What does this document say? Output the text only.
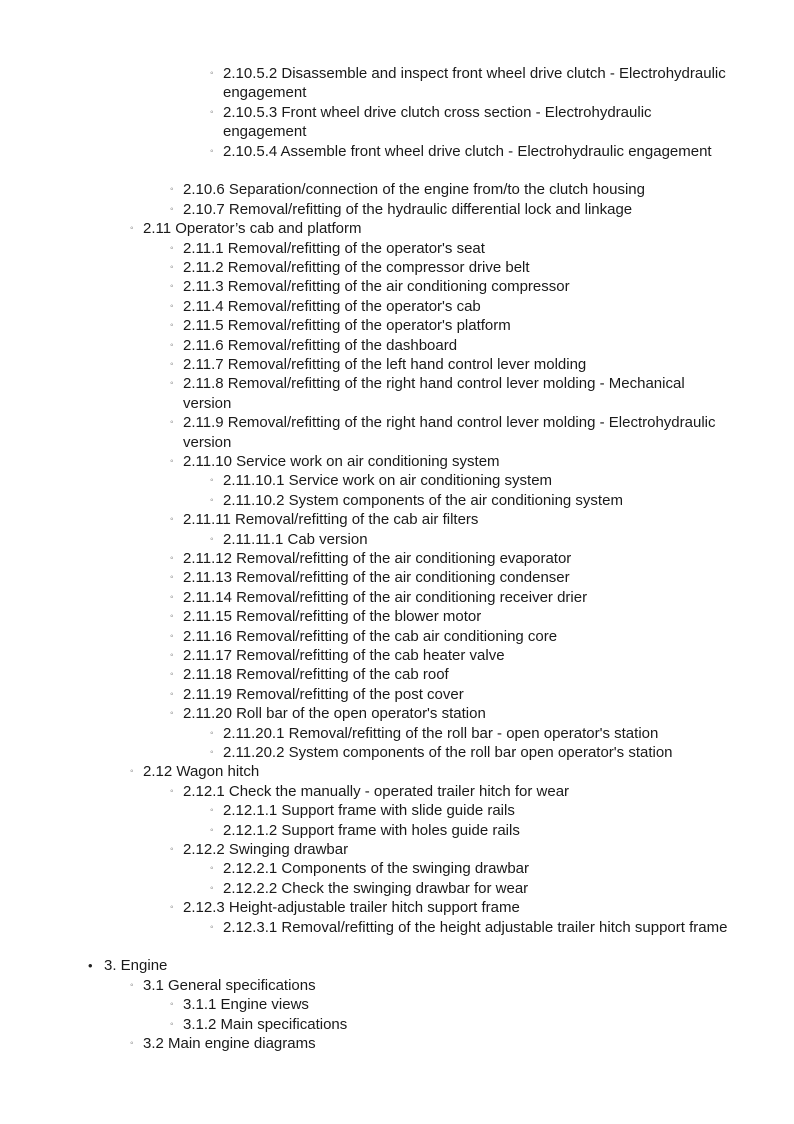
◦ 2.10.5.2 Disassemble and inspect front wheel drive clutch - Electrohydraulic engagement
◦ 2.10.5.3 Front wheel drive clutch cross section - Electrohydraulic engagement
◦ 2.10.5.4 Assemble front wheel drive clutch - Electrohydraulic engagement
◦ 2.10.6 Separation/connection of the engine from/to the clutch housing
◦ 2.10.7 Removal/refitting of the hydraulic differential lock and linkage
◦ 2.11 Operator’s cab and platform
◦ 2.11.1 Removal/refitting of the operator's seat
◦ 2.11.2 Removal/refitting of the compressor drive belt
◦ 2.11.3 Removal/refitting of the air conditioning compressor
◦ 2.11.4 Removal/refitting of the operator's cab
◦ 2.11.5 Removal/refitting of the operator's platform
◦ 2.11.6 Removal/refitting of the dashboard
◦ 2.11.7 Removal/refitting of the left hand control lever molding
◦ 2.11.8 Removal/refitting of the right hand control lever molding - Mechanical version
◦ 2.11.9 Removal/refitting of the right hand control lever molding - Electrohydraulic version
◦ 2.11.10 Service work on air conditioning system
◦ 2.11.10.1 Service work on air conditioning system
◦ 2.11.10.2 System components of the air conditioning system
◦ 2.11.11 Removal/refitting of the cab air filters
◦ 2.11.11.1 Cab version
◦ 2.11.12 Removal/refitting of the air conditioning evaporator
◦ 2.11.13 Removal/refitting of the air conditioning condenser
◦ 2.11.14 Removal/refitting of the air conditioning receiver drier
◦ 2.11.15 Removal/refitting of the blower motor
◦ 2.11.16 Removal/refitting of the cab air conditioning core
◦ 2.11.17 Removal/refitting of the cab heater valve
◦ 2.11.18 Removal/refitting of the cab roof
◦ 2.11.19 Removal/refitting of the post cover
◦ 2.11.20 Roll bar of the open operator's station
◦ 2.11.20.1 Removal/refitting of the roll bar - open operator's station
◦ 2.11.20.2 System components of the roll bar open operator's station
◦ 2.12 Wagon hitch
◦ 2.12.1 Check the manually - operated trailer hitch for wear
◦ 2.12.1.1 Support frame with slide guide rails
◦ 2.12.1.2 Support frame with holes guide rails
◦ 2.12.2 Swinging drawbar
◦ 2.12.2.1 Components of the swinging drawbar
◦ 2.12.2.2 Check the swinging drawbar for wear
◦ 2.12.3 Height-adjustable trailer hitch support frame
◦ 2.12.3.1 Removal/refitting of the height adjustable trailer hitch support frame
• 3. Engine
◦ 3.1 General specifications
◦ 3.1.1 Engine views
◦ 3.1.2 Main specifications
◦ 3.2 Main engine diagrams
